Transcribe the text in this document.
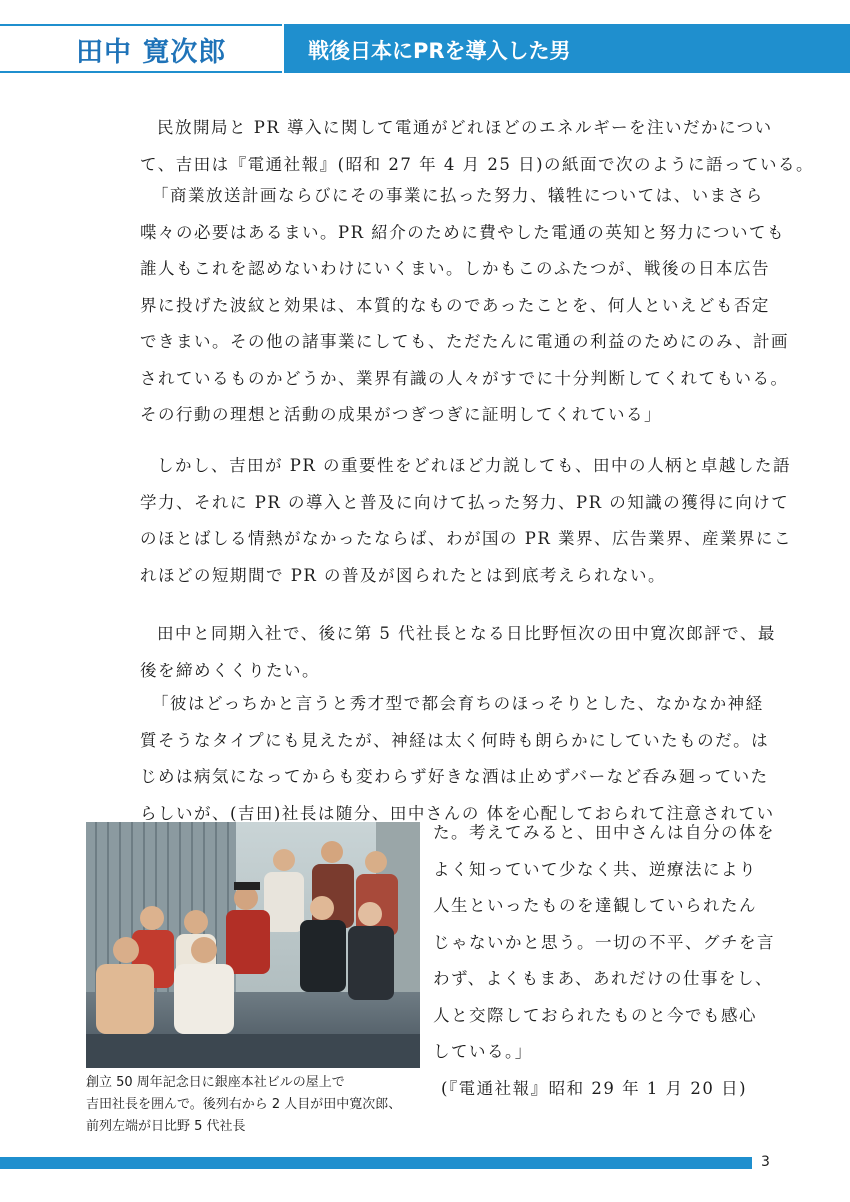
田中 寛次郎	戦後日本にPRを導入した男
民放開局と PR 導入に関して電通がどれほどのエネルギーを注いだかについ
て、吉田は『電通社報』(昭和 27 年 4 月 25 日)の紙面で次のように語っている。
「商業放送計画ならびにその事業に払った努力、犠牲については、いまさら
喋々の必要はあるまい。PR 紹介のために費やした電通の英知と努力についても
誰人もこれを認めないわけにいくまい。しかもこのふたつが、戦後の日本広告
界に投げた波紋と効果は、本質的なものであったことを、何人といえども否定
できまい。その他の諸事業にしても、ただたんに電通の利益のためにのみ、計画
されているものかどうか、業界有識の人々がすでに十分判断してくれてもいる。
その行動の理想と活動の成果がつぎつぎに証明してくれている」
しかし、吉田が PR の重要性をどれほど力説しても、田中の人柄と卓越した語
学力、それに PR の導入と普及に向けて払った努力、PR の知識の獲得に向けて
のほとばしる情熱がなかったならば、わが国の PR 業界、広告業界、産業界にこ
れほどの短期間で PR の普及が図られたとは到底考えられない。
田中と同期入社で、後に第 5 代社長となる日比野恒次の田中寛次郎評で、最
後を締めくくりたい。
「彼はどっちかと言うと秀才型で都会育ちのほっそりとした、なかなか神経
質そうなタイプにも見えたが、神経は太く何時も朗らかにしていたものだ。は
じめは病気になってからも変わらず好きな酒は止めずバーなど呑み廻っていた
らしいが、(吉田)社長は随分、田中さんの 体を心配しておられて注意されてい
た。考えてみると、田中さんは自分の体を
よく知っていて少なく共、逆療法により
人生といったものを達観していられたん
じゃないかと思う。一切の不平、グチを言
わず、よくもまあ、あれだけの仕事をし、
人と交際しておられたものと今でも感心
している。」
(『電通社報』昭和 29 年 1 月 20 日)
創立 50 周年記念日に銀座本社ビルの屋上で
吉田社長を囲んで。後列右から 2 人目が田中寛次郎、
前列左端が日比野 5 代社長
3
